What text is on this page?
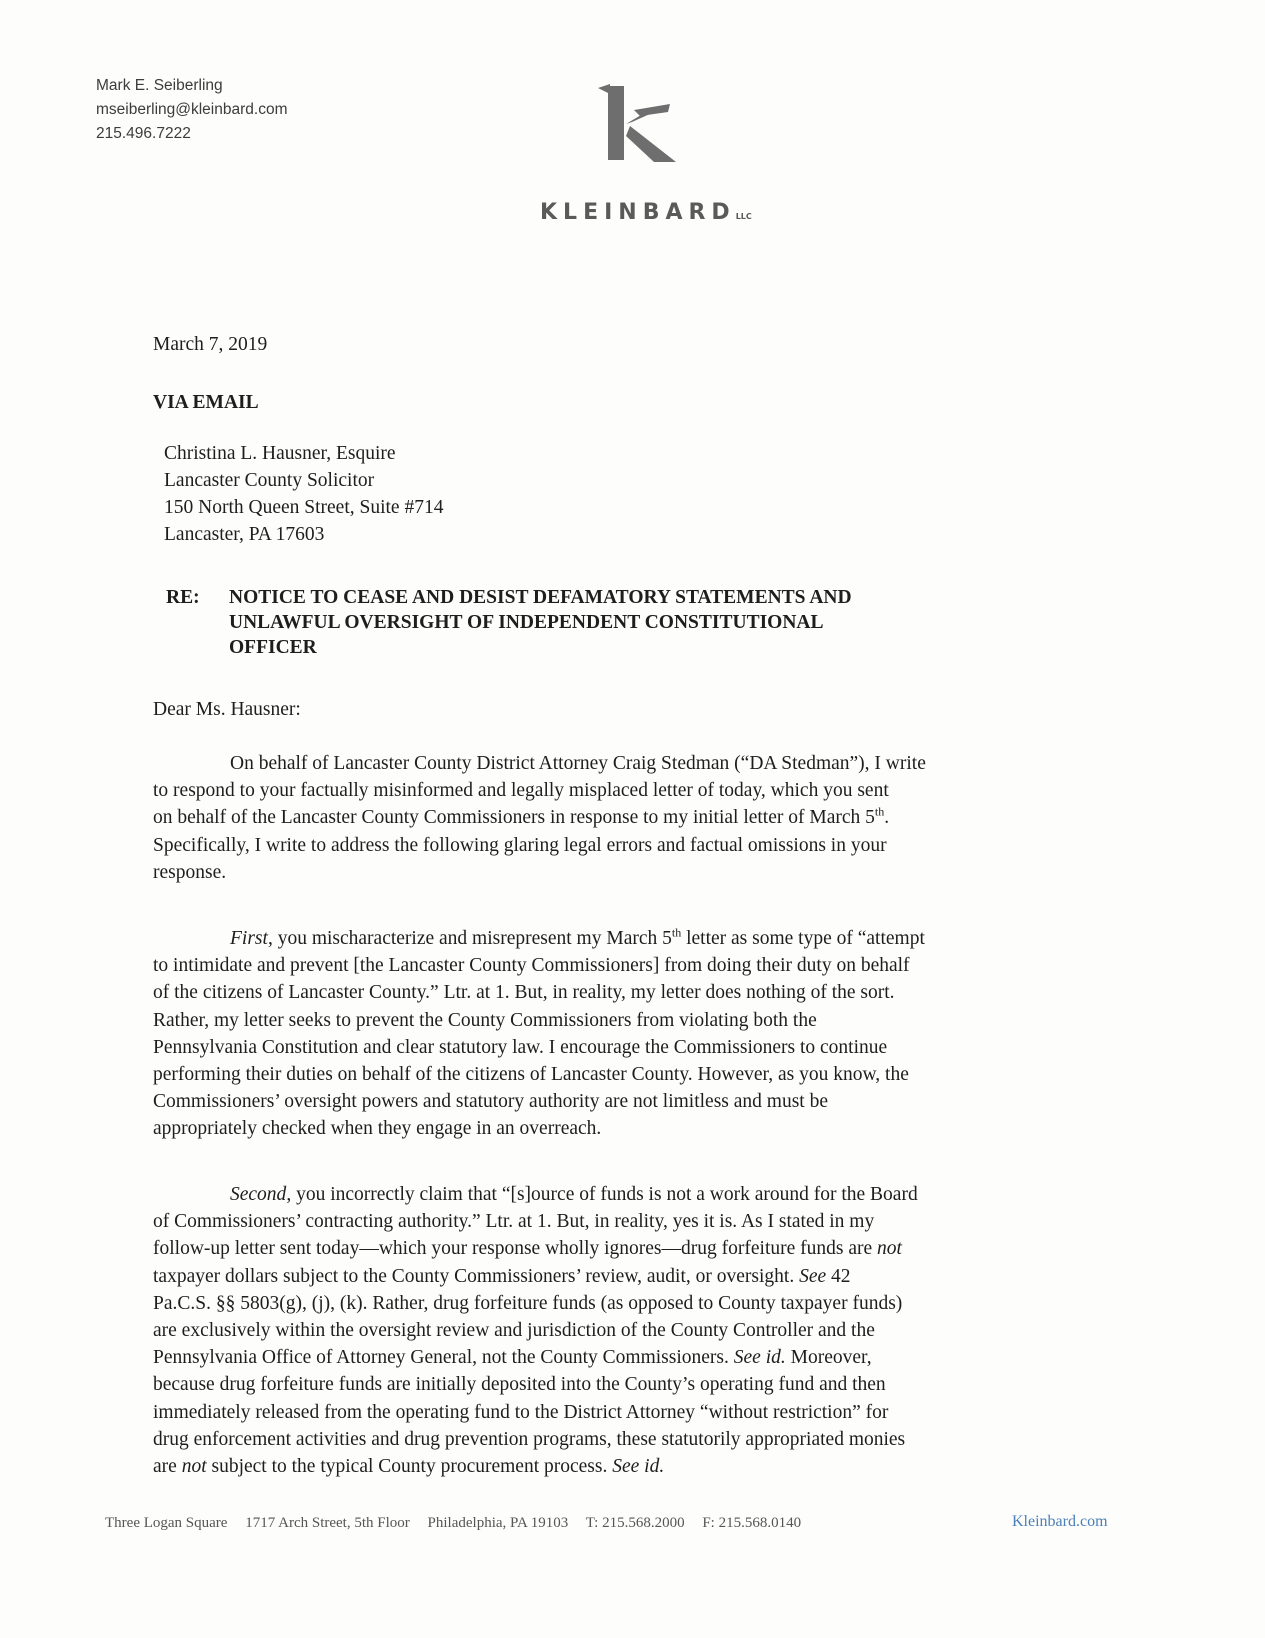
Mark E. Seiberling
mseiberling@kleinbard.com
215.496.7222
KLEINBARDLLC
March 7, 2019
VIA EMAIL
Christina L. Hausner, Esquire
Lancaster County Solicitor
150 North Queen Street, Suite #714
Lancaster, PA 17603
RE: NOTICE TO CEASE AND DESIST DEFAMATORY STATEMENTS AND
UNLAWFUL OVERSIGHT OF INDEPENDENT CONSTITUTIONAL
OFFICER
Dear Ms. Hausner:
On behalf of Lancaster County District Attorney Craig Stedman (“DA Stedman”), I write
to respond to your factually misinformed and legally misplaced letter of today, which you sent
on behalf of the Lancaster County Commissioners in response to my initial letter of March 5th.
Specifically, I write to address the following glaring legal errors and factual omissions in your
response.
First, you mischaracterize and misrepresent my March 5th letter as some type of “attempt
to intimidate and prevent [the Lancaster County Commissioners] from doing their duty on behalf
of the citizens of Lancaster County.” Ltr. at 1. But, in reality, my letter does nothing of the sort.
Rather, my letter seeks to prevent the County Commissioners from violating both the
Pennsylvania Constitution and clear statutory law. I encourage the Commissioners to continue
performing their duties on behalf of the citizens of Lancaster County. However, as you know, the
Commissioners’ oversight powers and statutory authority are not limitless and must be
appropriately checked when they engage in an overreach.
Second, you incorrectly claim that “[s]ource of funds is not a work around for the Board
of Commissioners’ contracting authority.” Ltr. at 1. But, in reality, yes it is. As I stated in my
follow-up letter sent today—which your response wholly ignores—drug forfeiture funds are not
taxpayer dollars subject to the County Commissioners’ review, audit, or oversight. See 42
Pa.C.S. §§ 5803(g), (j), (k). Rather, drug forfeiture funds (as opposed to County taxpayer funds)
are exclusively within the oversight review and jurisdiction of the County Controller and the
Pennsylvania Office of Attorney General, not the County Commissioners. See id. Moreover,
because drug forfeiture funds are initially deposited into the County’s operating fund and then
immediately released from the operating fund to the District Attorney “without restriction” for
drug enforcement activities and drug prevention programs, these statutorily appropriated monies
are not subject to the typical County procurement process. See id.
Three Logan Square 1717 Arch Street, 5th Floor Philadelphia, PA 19103 T: 215.568.2000 F: 215.568.0140	Kleinbard.com
